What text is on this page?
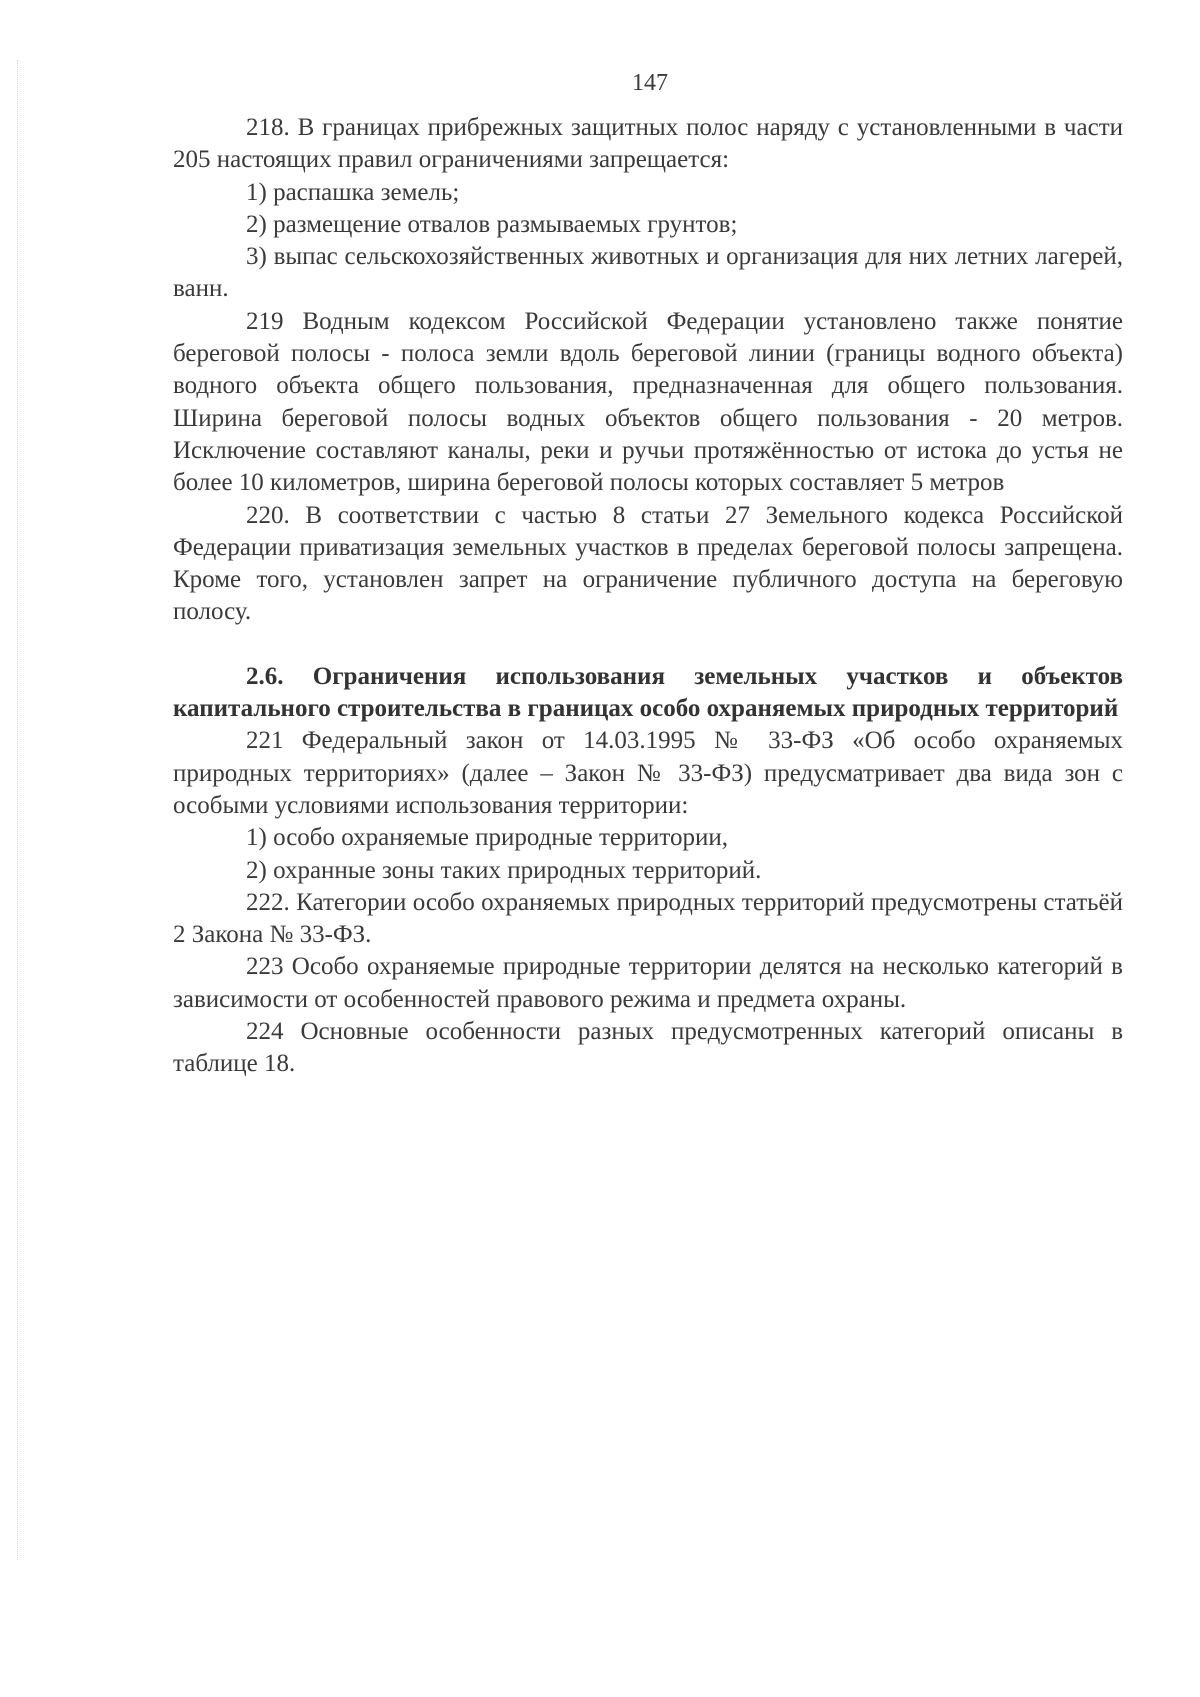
147

218. В границах прибрежных защитных полос наряду с установленными в части 205 настоящих правил ограничениями запрещается:

1) распашка земель;

2) размещение отвалов размываемых грунтов;

3) выпас сельскохозяйственных животных и организация для них летних лагерей, ванн.

219 Водным кодексом Российской Федерации установлено также понятие береговой полосы - полоса земли вдоль береговой линии (границы водного объекта) водного объекта общего пользования, предназначенная для общего пользования. Ширина береговой полосы водных объектов общего пользования - 20 метров. Исключение составляют каналы, реки и ручьи протяжённостью от истока до устья не более 10 километров, ширина береговой полосы которых составляет 5 метров

220. В соответствии с частью 8 статьи 27 Земельного кодекса Российской Федерации приватизация земельных участков в пределах береговой полосы запрещена. Кроме того, установлен запрет на ограничение публичного доступа на береговую полосу.

2.6. Ограничения использования земельных участков и объектов капитального строительства в границах особо охраняемых природных территорий

221 Федеральный закон от 14.03.1995 № 33-ФЗ «Об особо охраняемых природных территориях» (далее – Закон № 33-ФЗ) предусматривает два вида зон с особыми условиями использования территории:

1) особо охраняемые природные территории,

2) охранные зоны таких природных территорий.

222. Категории особо охраняемых природных территорий предусмотрены статьёй 2 Закона № 33-ФЗ.

223 Особо охраняемые природные территории делятся на несколько категорий в зависимости от особенностей правового режима и предмета охраны.

224 Основные особенности разных предусмотренных категорий описаны в таблице 18.
